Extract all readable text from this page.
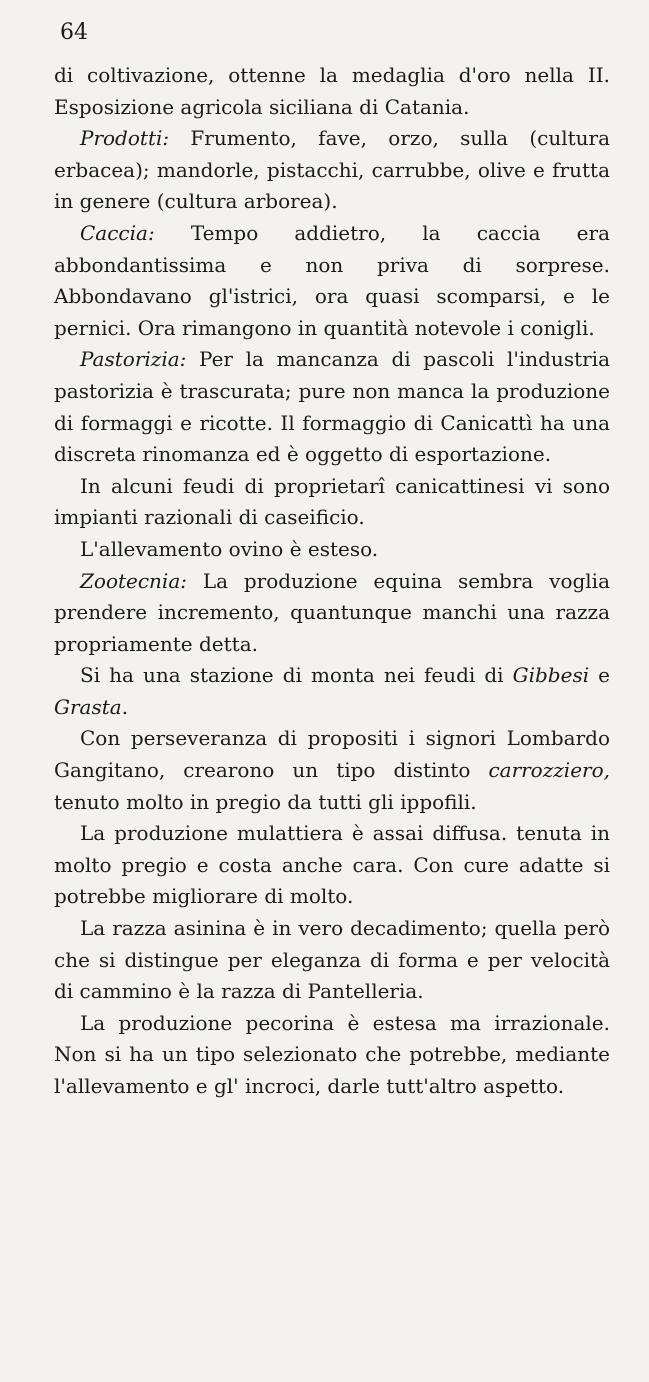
64

di coltivazione, ottenne la medaglia d'oro nella II. Esposizione agricola siciliana di Catania.

Prodotti: Frumento, fave, orzo, sulla (cultura erbacea); mandorle, pistacchi, carrubbe, olive e frutta in genere (cultura arborea).

Caccia: Tempo addietro, la caccia era abbondantissima e non priva di sorprese. Abbondavano gl'istrici, ora quasi scomparsi, e le pernici. Ora rimangono in quantità notevole i conigli.

Pastorizia: Per la mancanza di pascoli l'industria pastorizia è trascurata; pure non manca la produzione di formaggi e ricotte. Il formaggio di Canicattì ha una discreta rinomanza ed è oggetto di esportazione.

In alcuni feudi di proprietarî canicattinesi vi sono impianti razionali di caseificio.

L'allevamento ovino è esteso.

Zootecnia: La produzione equina sembra voglia prendere incremento, quantunque manchi una razza propriamente detta.

Si ha una stazione di monta nei feudi di Gibbesi e Grasta.

Con perseveranza di propositi i signori Lombardo Gangitano, crearono un tipo distinto carrozziero, tenuto molto in pregio da tutti gli ippofili.

La produzione mulattiera è assai diffusa. tenuta in molto pregio e costa anche cara. Con cure adatte si potrebbe migliorare di molto.

La razza asinina è in vero decadimento; quella però che si distingue per eleganza di forma e per velocità di cammino è la razza di Pantelleria.

La produzione pecorina è estesa ma irrazionale. Non si ha un tipo selezionato che potrebbe, mediante l'allevamento e gl' incroci, darle tutt'altro aspetto.
